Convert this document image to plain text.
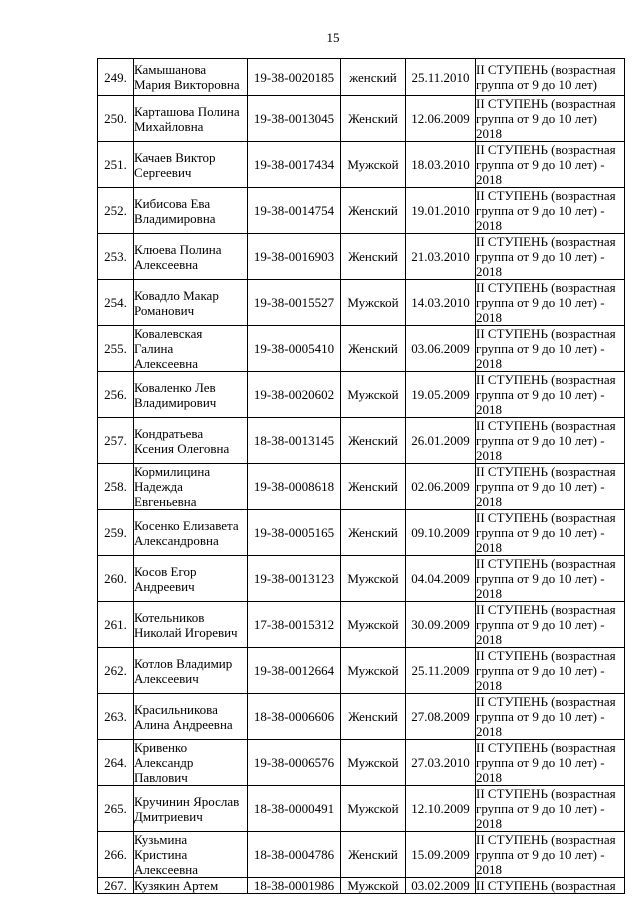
15
249.	Камышанова
Мария Викторовна	19-38-0020185	женский	25.11.2010	II СТУПЕНЬ (возрастная
группа от 9 до 10 лет)

250.	Карташова Полина
Михайловна	19-38-0013045	Женский	12.06.2009	II СТУПЕНЬ (возрастная
группа от 9 до 10 лет)
2018

251.	Качаев Виктор
Сергеевич	19-38-0017434	Мужской	18.03.2010	II СТУПЕНЬ (возрастная
группа от 9 до 10 лет) -
2018

252.	Кибисова Ева
Владимировна	19-38-0014754	Женский	19.01.2010	II СТУПЕНЬ (возрастная
группа от 9 до 10 лет) -
2018

253.	Клюева Полина
Алексеевна	19-38-0016903	Женский	21.03.2010	II СТУПЕНЬ (возрастная
группа от 9 до 10 лет) -
2018

254.	Ковадло Макар
Романович	19-38-0015527	Мужской	14.03.2010	II СТУПЕНЬ (возрастная
группа от 9 до 10 лет) -
2018

255.	Ковалевская
Галина
Алексеевна	19-38-0005410	Женский	03.06.2009	II СТУПЕНЬ (возрастная
группа от 9 до 10 лет) -
2018

256.	Коваленко Лев
Владимирович	19-38-0020602	Мужской	19.05.2009	II СТУПЕНЬ (возрастная
группа от 9 до 10 лет) -
2018

257.	Кондратьева
Ксения Олеговна	18-38-0013145	Женский	26.01.2009	II СТУПЕНЬ (возрастная
группа от 9 до 10 лет) -
2018

258.	Кормилицина
Надежда
Евгеньевна	19-38-0008618	Женский	02.06.2009	II СТУПЕНЬ (возрастная
группа от 9 до 10 лет) -
2018

259.	Косенко Елизавета
Александровна	19-38-0005165	Женский	09.10.2009	II СТУПЕНЬ (возрастная
группа от 9 до 10 лет) -
2018

260.	Косов Егор
Андреевич	19-38-0013123	Мужской	04.04.2009	II СТУПЕНЬ (возрастная
группа от 9 до 10 лет) -
2018

261.	Котельников
Николай Игоревич	17-38-0015312	Мужской	30.09.2009	II СТУПЕНЬ (возрастная
группа от 9 до 10 лет) -
2018

262.	Котлов Владимир
Алексеевич	19-38-0012664	Мужской	25.11.2009	II СТУПЕНЬ (возрастная
группа от 9 до 10 лет) -
2018

263.	Красильникова
Алина Андреевна	18-38-0006606	Женский	27.08.2009	II СТУПЕНЬ (возрастная
группа от 9 до 10 лет) -
2018

264.	Кривенко
Александр
Павлович	19-38-0006576	Мужской	27.03.2010	II СТУПЕНЬ (возрастная
группа от 9 до 10 лет) -
2018

265.	Кручинин Ярослав
Дмитриевич	18-38-0000491	Мужской	12.10.2009	II СТУПЕНЬ (возрастная
группа от 9 до 10 лет) -
2018

266.	Кузьмина
Кристина
Алексеевна	18-38-0004786	Женский	15.09.2009	II СТУПЕНЬ (возрастная
группа от 9 до 10 лет) -
2018

267.	Кузякин Артем	18-38-0001986	Мужской	03.02.2009	II СТУПЕНЬ (возрастная
